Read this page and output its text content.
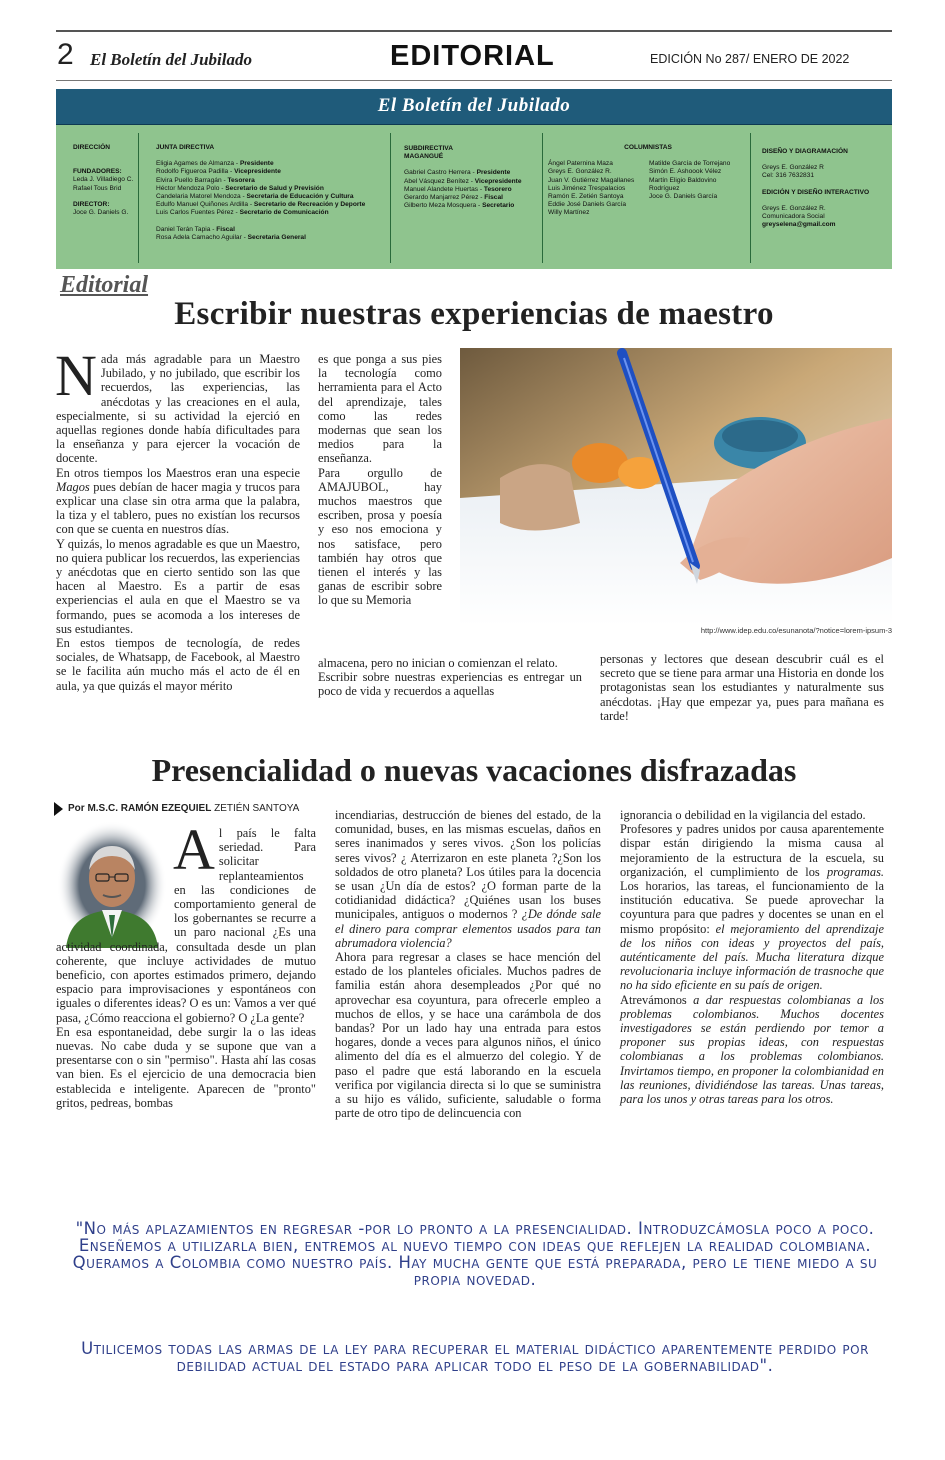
2 El Boletín del Jubilado	EDITORIAL	EDICIÓN No 287/ ENERO DE 2022
El Boletín del Jubilado
DIRECCIÓN
FUNDADORES:
Leda J. Villadiego C.
Rafael Tous Brid
DIRECTOR:
Joce G. Daniels G.
JUNTA DIRECTIVA
Eligia Agames de Almanza - Presidente
Rodolfo Figueroa Padilla - Vicepresidente
Elvira Puello Barragán - Tesorera
Héctor Mendoza Polo - Secretario de Salud y Previsión
Candelaria Matorel Mendoza - Secretaria de Educación y Cultura
Edulfo Manuel Quiñones Ardilla - Secretario de Recreación y Deporte
Luis Carlos Fuentes Pérez - Secretario de Comunicación
Daniel Terán Tapia - Fiscal
Rosa Adela Camacho Aguilar - Secretaria General
SUBDIRECTIVA
MAGANGUÉ
Gabriel Castro Herrera - Presidente
Abel Vásquez Benítez - Vicepresidente
Manuel Alandete Huertas - Tesorero
Gerardo Manjarrez Pérez - Fiscal
Gilberto Meza Mosquera - Secretario
COLUMNISTAS
Ángel Paternina Maza
Greys E. González R.
Juan V. Gutiérrez Magallanes
Luis Jiménez Trespalacios
Ramón E. Zetién Santoya
Eddie José Daniels García
Willy Martínez
Matilde García de Torrejano
Simón E. Ashoook Vélez
Martín Eligio Baldovino
Rodríguez
Joce G. Daniels García
DISEÑO Y DIAGRAMACIÓN
Greys E. González R
Cel: 316 7632831
EDICIÓN Y DISEÑO INTERACTIVO
Greys E. González R.
Comunicadora Social
greyselena@gmail.com
Editorial
Escribir nuestras experiencias de maestro

Nada más agradable para un Maestro Jubilado, y no jubilado, que escribir los recuerdos, las experiencias, las anécdotas y las creaciones en el aula, especialmente, si su actividad la ejerció en aquellas regiones donde había dificultades para la enseñanza y para ejercer la vocación de docente.

En otros tiempos los Maestros eran una especie Magos pues debían de hacer magia y trucos para explicar una clase sin otra arma que la palabra, la tiza y el tablero, pues no existían los recursos con que se cuenta en nuestros días.

Y quizás, lo menos agradable es que un Maestro, no quiera publicar los recuerdos, las experiencias y anécdotas que en cierto sentido son las que hacen al Maestro. Es a partir de esas experiencias el aula en que el Maestro se va formando, pues se acomoda a los intereses de sus estudiantes.

En estos tiempos de tecnología, de redes sociales, de Whatsapp, de Facebook, al Maestro se le facilita aún mucho más el acto de él en aula, ya que quizás el mayor mérito

es que ponga a sus pies la tecnología como herramienta para el Acto del aprendizaje, tales como las redes modernas que sean los medios para la enseñanza.

Para orgullo de AMAJUBOL, hay muchos maestros que escriben, prosa y poesía y eso nos emociona y nos satisface, pero también hay otros que tienen el interés y las ganas de escribir sobre lo que su Memoria

almacena, pero no inician o comienzan el relato.

Escribir sobre nuestras experiencias es entregar un poco de vida y recuerdos a aquellas

http://www.idep.edu.co/esunanota/?notice=lorem-ipsum-3

personas y lectores que desean descubrir cuál es el secreto que se tiene para armar una Historia en donde los protagonistas sean los estudiantes y naturalmente sus anécdotas. ¡Hay que empezar ya, pues para mañana es tarde!

Presencialidad o nuevas vacaciones disfrazadas
Por M.S.C. RAMÓN EZEQUIEL ZETIÉN SANTOYA

Al país le falta seriedad. Para solicitar replanteamientos en las condiciones de comportamiento general de los gobernantes se recurre a un paro nacional ¿Es una actividad coordinada, consultada desde un plan coherente, que incluye actividades de mutuo beneficio, con aportes estimados primero, dejando espacio para improvisaciones y espontáneos con iguales o diferentes ideas? O es un: Vamos a ver qué pasa, ¿Cómo reacciona el gobierno? O ¿La gente?

En esa espontaneidad, debe surgir la o las ideas nuevas. No cabe duda y se supone que van a presentarse con o sin "permiso". Hasta ahí las cosas van bien. Es el ejercicio de una democracia bien establecida e inteligente. Aparecen de "pronto" gritos, pedreas, bombas

incendiarias, destrucción de bienes del estado, de la comunidad, buses, en las mismas escuelas, daños en seres inanimados y seres vivos. ¿Son los policías seres vivos? ¿ Aterrizaron en este planeta ?¿Son los soldados de otro planeta? Los útiles para la docencia se usan ¿Un día de estos? ¿O forman parte de la cotidianidad didáctica? ¿Quiénes usan los buses municipales, antiguos o modernos ? ¿De dónde sale el dinero para comprar elementos usados para tan abrumadora violencia?

Ahora para regresar a clases se hace mención del estado de los planteles oficiales. Muchos padres de familia están ahora desempleados ¿Por qué no aprovechar esa coyuntura, para ofrecerle empleo a muchos de ellos, y se hace una carámbola de dos bandas? Por un lado hay una entrada para estos hogares, donde a veces para algunos niños, el único alimento del día es el almuerzo del colegio. Y de paso el padre que está laborando en la escuela verifica por vigilancia directa si lo que se suministra a su hijo es válido, suficiente, saludable o forma parte de otro tipo de delincuencia con

ignorancia o debilidad en la vigilancia del estado.

Profesores y padres unidos por causa aparentemente dispar están dirigiendo la misma causa al mejoramiento de la estructura de la escuela, su organización, el cumplimiento de los programas. Los horarios, las tareas, el funcionamiento de la institución educativa. Se puede aprovechar la coyuntura para que padres y docentes se unan en el mismo propósito: el mejoramiento del aprendizaje de los niños con ideas y proyectos del país, auténticamente del país. Mucha literatura dizque revolucionaria incluye información de trasnoche que no ha sido eficiente en su país de origen.

Atrevámonos a dar respuestas colombianas a los problemas colombianos. Muchos docentes investigadores se están perdiendo por temor a proponer sus propias ideas, con respuestas colombianas a los problemas colombianos. Invirtamos tiempo, en proponer la colombianidad en las reuniones, dividiéndose las tareas. Unas tareas, para los unos y otras tareas para los otros.

"No más aplazamientos en regresar -por lo pronto a la presencialidad. Introduzcámosla poco a poco. Enseñemos a utilizarla bien, entremos al nuevo tiempo con ideas que reflejen la realidad colombiana. Queramos a Colombia como nuestro país. Hay mucha gente que está preparada, pero le tiene miedo a su propia novedad.
Utilicemos todas las armas de la ley para recuperar el material didáctico aparentemente perdido por debilidad actual del estado para aplicar todo el peso de la gobernabilidad".
